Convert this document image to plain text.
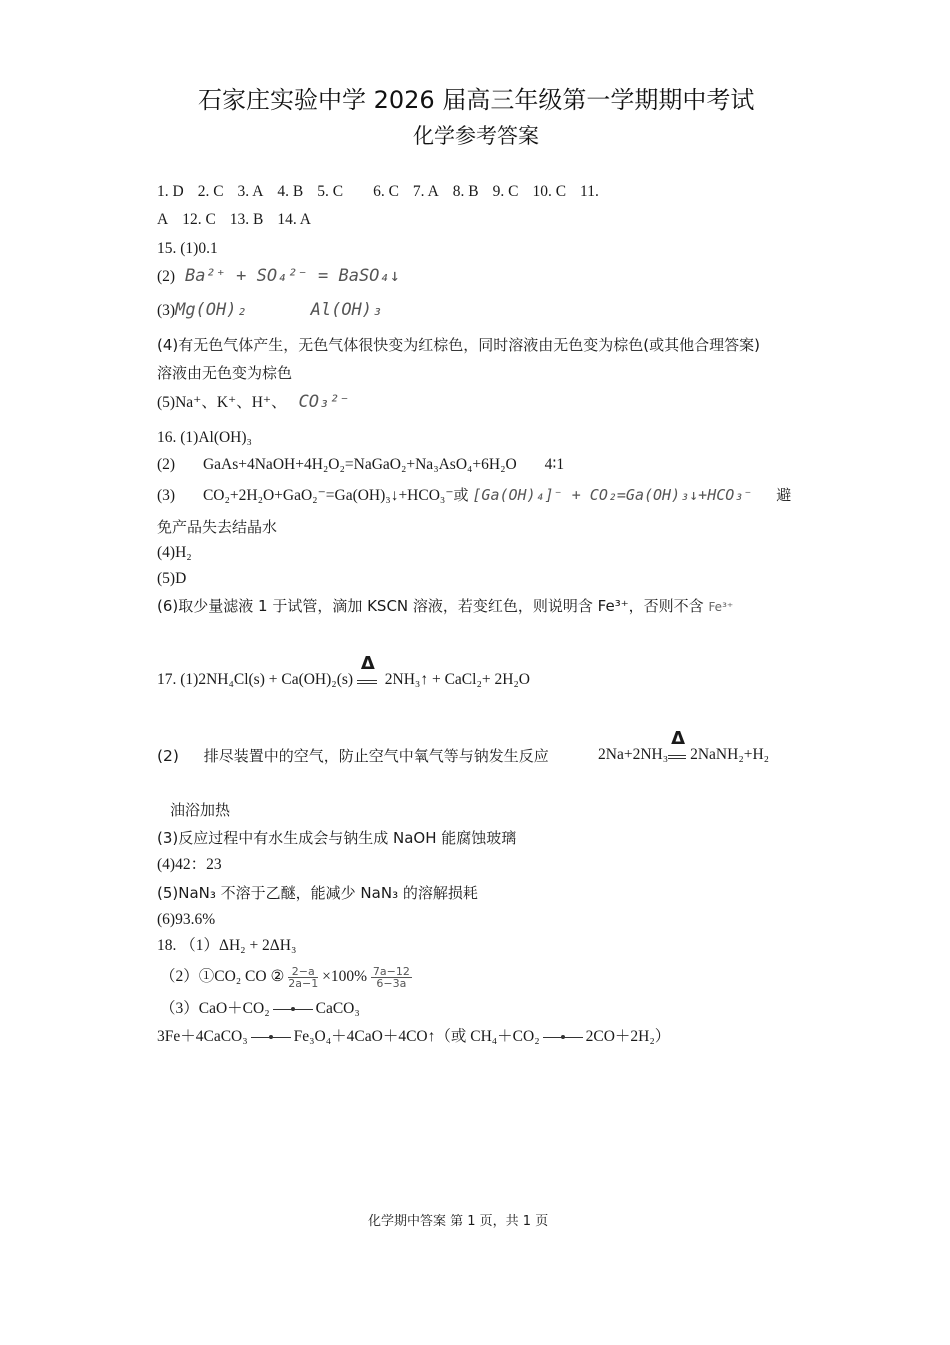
石家庄实验中学 2026 届高三年级第一学期期中考试
化学参考答案
1. D 2. C 3. A 4. B 5. C 6. C 7. A 8. B 9. C 10. C 11.
A 12. C 13. B 14. A
15. (1)0.1
(2) Ba²⁺ + SO₄²⁻ = BaSO₄↓
(3)Mg(OH)₂	Al(OH)₃
(4)有无色气体产生，无色气体很快变为红棕色，同时溶液由无色变为棕色(或其他合理答案)
溶液由无色变为棕色
(5)Na⁺、K⁺、H⁺、 CO₃²⁻
16. (1)Al(OH)₃
(2) GaAs+4NaOH+4H₂O₂=NaGaO₂+Na₃AsO₄+6H₂O 4∶1
(3) CO₂+2H₂O+GaO₂⁻=Ga(OH)₃↓+HCO₃⁻或 [Ga(OH)₄]⁻ + CO₂=Ga(OH)₃↓+HCO₃⁻ 避
免产品失去结晶水
(4)H₂
(5)D
(6)取少量滤液 1 于试管，滴加 KSCN 溶液，若变红色，则说明含 Fe³⁺，否则不含 Fe³⁺
17. (1)2NH₄Cl(s) + Ca(OH)₂(s)
Δ
2NH₃↑ + CaCl₂+ 2H₂O
(2) 排尽装置中的空气，防止空气中氧气等与钠发生反应	2Na+2NH₃
Δ
2NaNH₂+H₂
油浴加热
(3)反应过程中有水生成会与钠生成 NaOH 能腐蚀玻璃
(4)42：23
(5)NaN₃ 不溶于乙醚，能减少 NaN₃ 的溶解损耗
(6)93.6%
18. （1）ΔH₂ + 2ΔH₃
（2）①CO₂ CO ② $\frac{2-a}{2a-1} \times 100\% \frac{7a-12}{6-3a}$
（3）CaO＋CO₂	CaCO₃
3Fe＋4CaCO₃	Fe₃O₄＋4CaO＋4CO↑（或 CH₄＋CO₂	2CO＋2H₂）
化学期中答案 第 1 页，共 1 页
